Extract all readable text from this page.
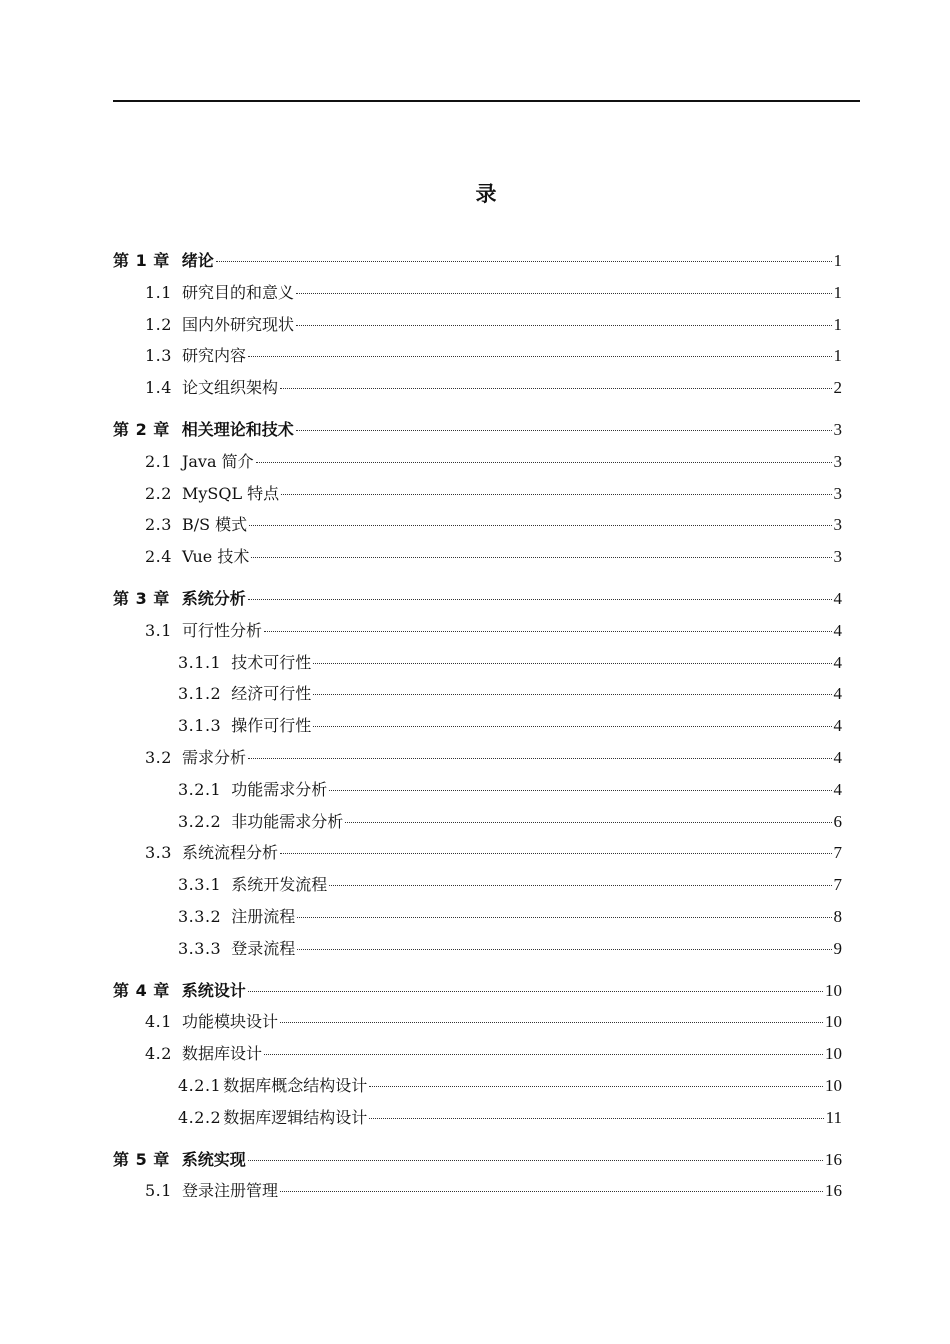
录
第 1 章 绪论	1
1.1 研究目的和意义	1
1.2 国内外研究现状	1
1.3 研究内容	1
1.4 论文组织架构	2
第 2 章 相关理论和技术	3
2.1 Java 简介	3
2.2 MySQL 特点	3
2.3 B/S 模式	3
2.4 Vue 技术	3
第 3 章 系统分析	4
3.1 可行性分析	4
3.1.1 技术可行性	4
3.1.2 经济可行性	4
3.1.3 操作可行性	4
3.2 需求分析	4
3.2.1 功能需求分析	4
3.2.2 非功能需求分析	6
3.3 系统流程分析	7
3.3.1 系统开发流程	7
3.3.2 注册流程	8
3.3.3 登录流程	9
第 4 章 系统设计	10
4.1 功能模块设计	10
4.2 数据库设计	10
4.2.1 数据库概念结构设计	10
4.2.2 数据库逻辑结构设计	11
第 5 章 系统实现	16
5.1 登录注册管理	16
